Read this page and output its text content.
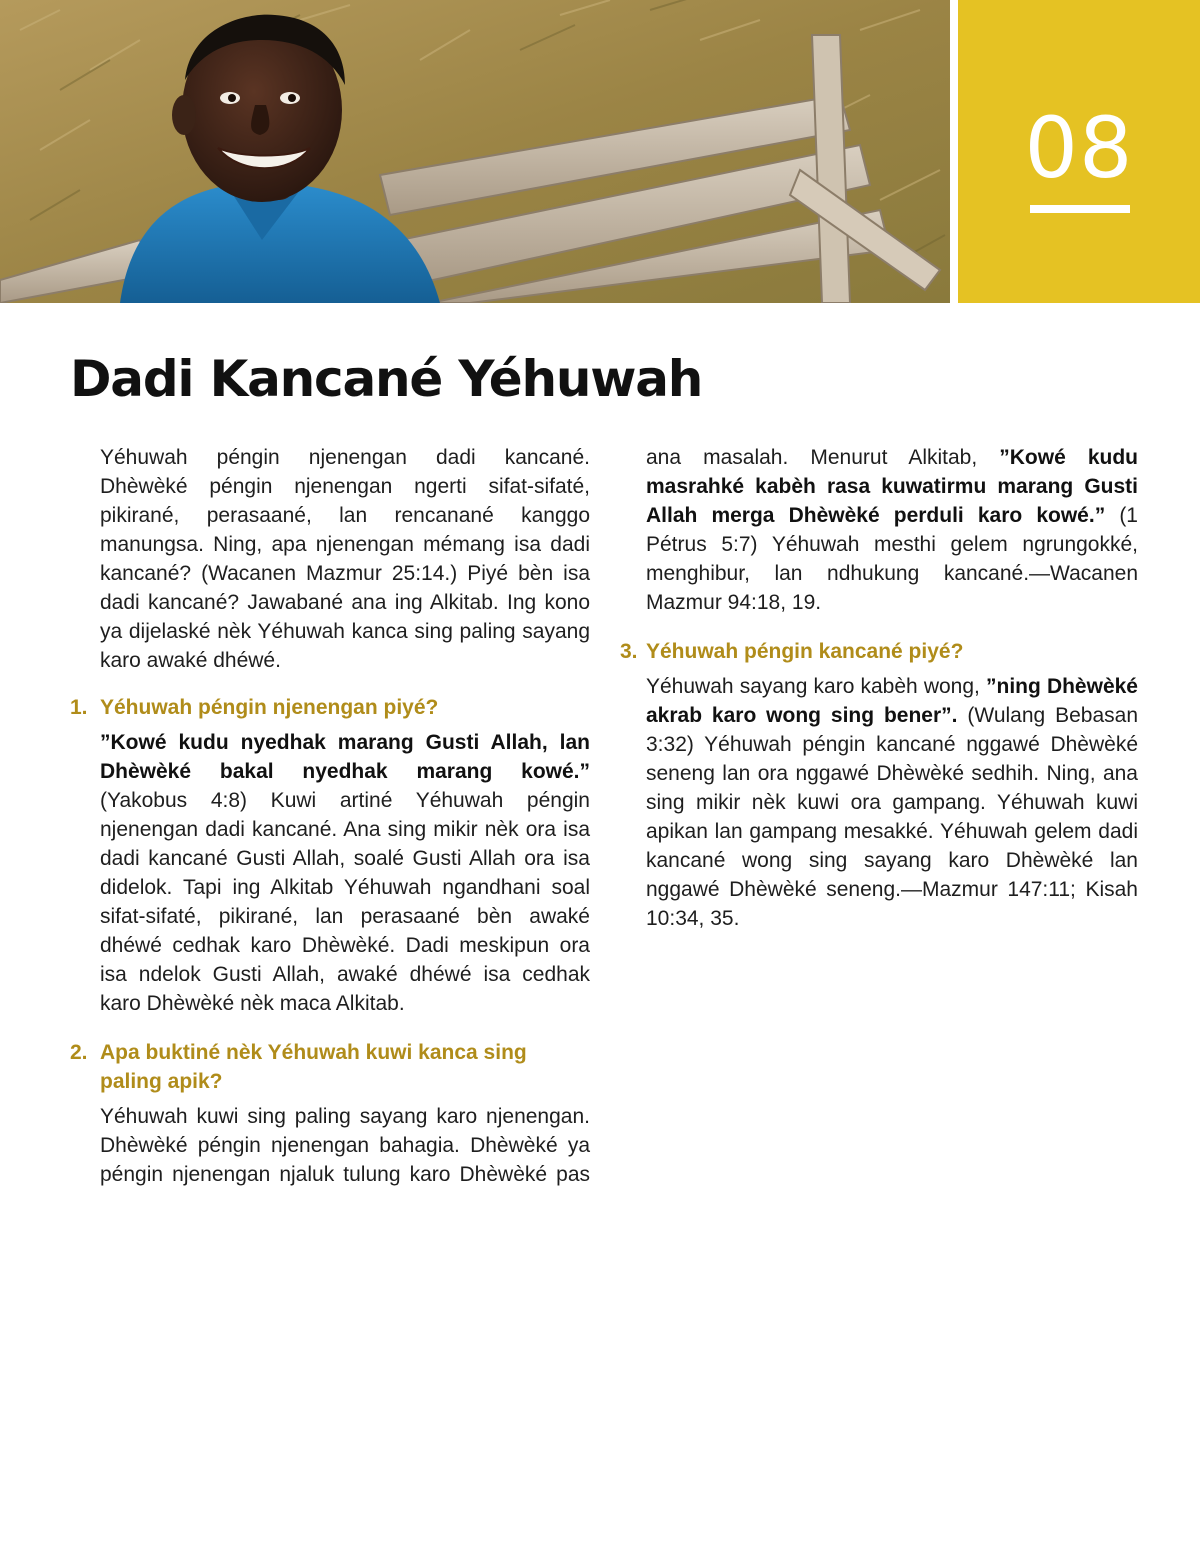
08
Dadi Kancané Yéhuwah

Yéhuwah péngin njenengan dadi kancané. Dhèwèké péngin njenengan ngerti sifat-sifaté, pikirané, perasaané, lan rencanané kanggo manungsa. Ning, apa njenengan mémang isa dadi kancané? (Wacanen Mazmur 25:14.) Piyé bèn isa dadi kancané? Jawabané ana ing Alkitab. Ing kono ya dijelaské nèk Yéhuwah kanca sing paling sayang karo awaké dhéwé.

1. Yéhuwah péngin njenengan piyé?

”Kowé kudu nyedhak marang Gusti Allah, lan Dhèwèké bakal nyedhak marang kowé.” (Yakobus 4:8) Kuwi artiné Yéhuwah péngin njenengan dadi kancané. Ana sing mikir nèk ora isa dadi kancané Gusti Allah, soalé Gusti Allah ora isa didelok. Tapi ing Alkitab Yéhuwah ngandhani soal sifat-sifaté, pikirané, lan perasaané bèn awaké dhéwé cedhak karo Dhèwèké. Dadi meskipun ora isa ndelok Gusti Allah, awaké dhéwé isa cedhak karo Dhèwèké nèk maca Alkitab.

2. Apa buktiné nèk Yéhuwah kuwi kanca sing paling apik?

Yéhuwah kuwi sing paling sayang karo njenengan. Dhèwèké péngin njenengan bahagia. Dhèwèké ya péngin njenengan njaluk tulung karo Dhèwèké pas

ana masalah. Menurut Alkitab, ”Kowé kudu masrahké kabèh rasa kuwatirmu marang Gusti Allah merga Dhèwèké perduli karo kowé.” (1 Pétrus 5:7) Yéhuwah mesthi gelem ngrungokké, menghibur, lan ndhukung kancané.—Wacanen Mazmur 94:18, 19.

3. Yéhuwah péngin kancané piyé?

Yéhuwah sayang karo kabèh wong, ”ning Dhèwèké akrab karo wong sing bener”. (Wulang Bebasan 3:32) Yéhuwah péngin kancané nggawé Dhèwèké seneng lan ora nggawé Dhèwèké sedhih. Ning, ana sing mikir nèk kuwi ora gampang. Yéhuwah kuwi apikan lan gampang mesakké. Yéhuwah gelem dadi kancané wong sing sayang karo Dhèwèké lan nggawé Dhèwèké seneng.—Mazmur 147:11; Kisah 10:34, 35.
